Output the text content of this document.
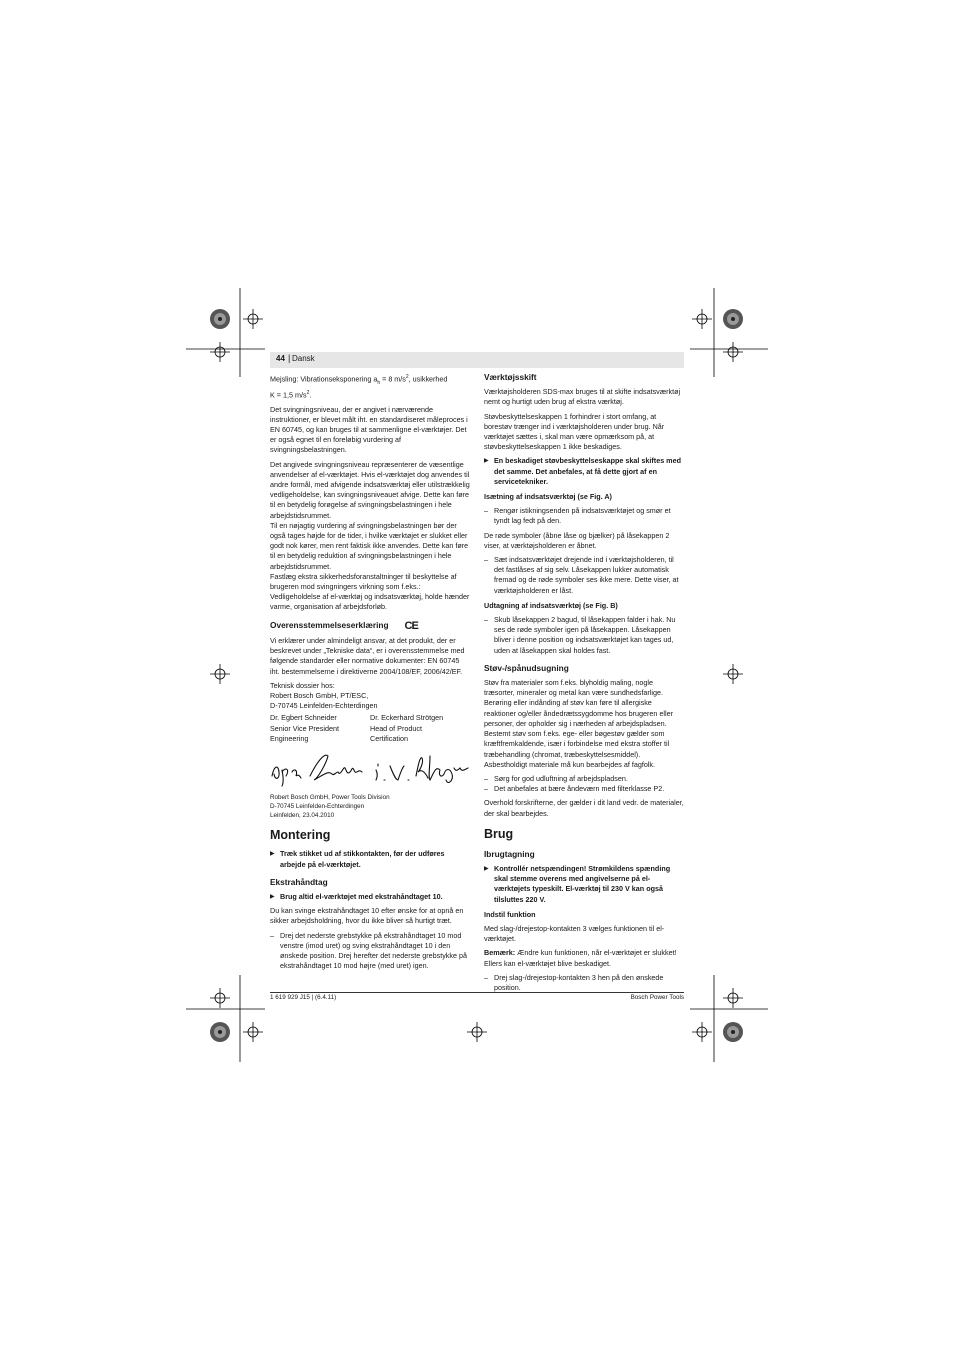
44 | Dansk

Mejsling: Vibrationseksponering $a_h = 8$ $m/s^2$, usikkerhed
K = 1,5 $m/s^2$.

Det svingningsniveau, der er angivet i nærværende instruktioner, er blevet målt iht. en standardiseret måleproces i EN 60745, og kan bruges til at sammenligne el-værktøjer. Det er også egnet til en foreløbig vurdering af svingningsbelastningen.

Det angivede svingningsniveau repræsenterer de væsentlige anvendelser af el-værktøjet. Hvis el-værktøjet dog anvendes til andre formål, med afvigende indsatsværktøj eller utilstrækkelig vedligeholdelse, kan svingningsniveauet afvige. Dette kan føre til en betydelig forøgelse af svingningsbelastningen i hele arbejdstidsrummet.

Til en nøjagtig vurdering af svingningsbelastningen bør der også tages højde for de tider, i hvilke værktøjet er slukket eller godt nok kører, men rent faktisk ikke anvendes. Dette kan føre til en betydelig reduktion af svingningsbelastningen i hele arbejdstidsrummet.

Fastlæg ekstra sikkerhedsforanstaltninger til beskyttelse af brugeren mod svingningers virkning som f.eks.: Vedligeholdelse af el-værktøj og indsatsværktøj, holde hænder varme, organisation af arbejdsforløb.

Overensstemmelseserklæring CE

Vi erklærer under almindeligt ansvar, at det produkt, der er beskrevet under „Tekniske data“, er i overensstemmelse med følgende standarder eller normative dokumenter: EN 60745 iht. bestemmelserne i direktiverne 2004/108/EF, 2006/42/EF.

Teknisk dossier hos:
Robert Bosch GmbH, PT/ESC,
D-70745 Leinfelden-Echterdingen

Dr. Egbert Schneider
Senior Vice President
Engineering
Dr. Eckerhard Strötgen
Head of Product
Certification
Robert Bosch GmbH, Power Tools Division
D-70745 Leinfelden-Echterdingen
Leinfelden, 23.04.2010
Montering

▶ Træk stikket ud af stikkontakten, før der udføres arbejde på el-værktøjet.

Ekstrahåndtag

▶ Brug altid el-værktøjet med ekstrahåndtaget 10.

Du kan svinge ekstrahåndtaget 10 efter ønske for at opnå en sikker arbejdsholdning, hvor du ikke bliver så hurtigt træt.

– Drej det nederste grebstykke på ekstrahåndtaget 10 mod venstre (imod uret) og sving ekstrahåndtaget 10 i den ønskede position. Drej herefter det nederste grebstykke på ekstrahåndtaget 10 mod højre (med uret) igen.

Værktøjsskift

Værktøjsholderen SDS-max bruges til at skifte indsatsværktøj nemt og hurtigt uden brug af ekstra værktøj.

Støvbeskyttelseskappen 1 forhindrer i stort omfang, at borestøv trænger ind i værktøjsholderen under brug. Når værktøjet sættes i, skal man være opmærksom på, at støvbeskyttelseskappen 1 ikke beskadiges.

▶ En beskadiget støvbeskyttelseskappe skal skiftes med det samme. Det anbefales, at få dette gjort af en servicetekniker.

Isætning af indsatsværktøj (se Fig. A)

– Rengør istikningsenden på indsatsværktøjet og smør et tyndt lag fedt på den.

De røde symboler (åbne låse og bjælker) på låsekappen 2 viser, at værktøjsholderen er åbnet.

– Sæt indsatsværktøjet drejende ind i værktøjsholderen, til det fastlåses af sig selv. Låsekappen lukker automatisk fremad og de røde symboler ses ikke mere. Dette viser, at værktøjsholderen er låst.

Udtagning af indsatsværktøj (se Fig. B)

– Skub låsekappen 2 bagud, til låsekappen falder i hak. Nu ses de røde symboler igen på låsekappen. Låsekappen bliver i denne position og indsatsværktøjet kan tages ud, uden at låsekappen skal holdes fast.

Støv-/spånudsugning

Støv fra materialer som f.eks. blyholdig maling, nogle træsorter, mineraler og metal kan være sundhedsfarlige. Berøring eller indånding af støv kan føre til allergiske reaktioner og/eller åndedrætssygdomme hos brugeren eller personer, der opholder sig i nærheden af arbejdspladsen.

Bestemt støv som f.eks. ege- eller bøgestøv gælder som kræftfremkaldende, især i forbindelse med ekstra stoffer til træbehandling (chromat, træbeskyttelsesmiddel). Asbestholdigt materiale må kun bearbejdes af fagfolk.

– Sørg for god udluftning af arbejdspladsen.

– Det anbefales at bære åndeværn med filterklasse P2.

Overhold forskrifterne, der gælder i dit land vedr. de materialer, der skal bearbejdes.

Brug
Ibrugtagning

▶ Kontrollér netspændingen! Strømkildens spænding skal stemme overens med angivelserne på el-værktøjets typeskilt. El-værktøj til 230 V kan også tilsluttes 220 V.

Indstil funktion

Med slag-/drejestop-kontakten 3 vælges funktionen til el-værktøjet.

Bemærk: Ændre kun funktionen, når el-værktøjet er slukket! Ellers kan el-værktøjet blive beskadiget.

– Drej slag-/drejestop-kontakten 3 hen på den ønskede position.

1 619 929 J15 | (6.4.11)	Bosch Power Tools
